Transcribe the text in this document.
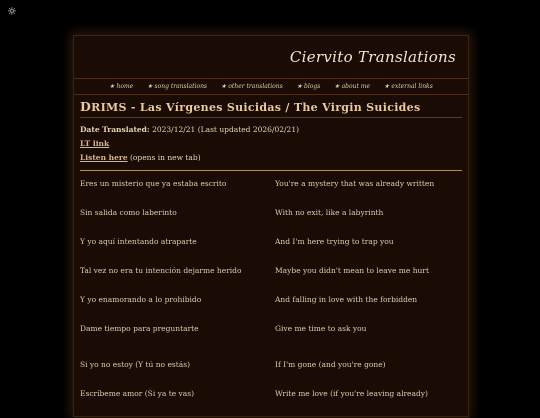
☼
Ciervito Translations
★ home ★ song translations ★ other translations ★ blogs ★ about me ★ external links
DRIMS - Las Vírgenes Suicidas / The Virgin Suicides
Date Translated: 2023/12/21 (Last updated 2026/02/21)
LT link
Listen here (opens in new tab)
Eres un misterio que ya estaba escrito	You're a mystery that was already written
Sin salida como laberinto	With no exit, like a labyrinth
Y yo aquí intentando atraparte	And I'm here trying to trap you
Tal vez no era tu intención dejarme herido	Maybe you didn't mean to leave me hurt
Y yo enamorando a lo prohibido	And falling in love with the forbidden
Dame tiempo para preguntarte	Give me time to ask you
Si yo no estoy (Y tú no estás)	If I'm gone (and you're gone)
Escríbeme amor (Si ya te vas)	Write me love (if you're leaving already)
